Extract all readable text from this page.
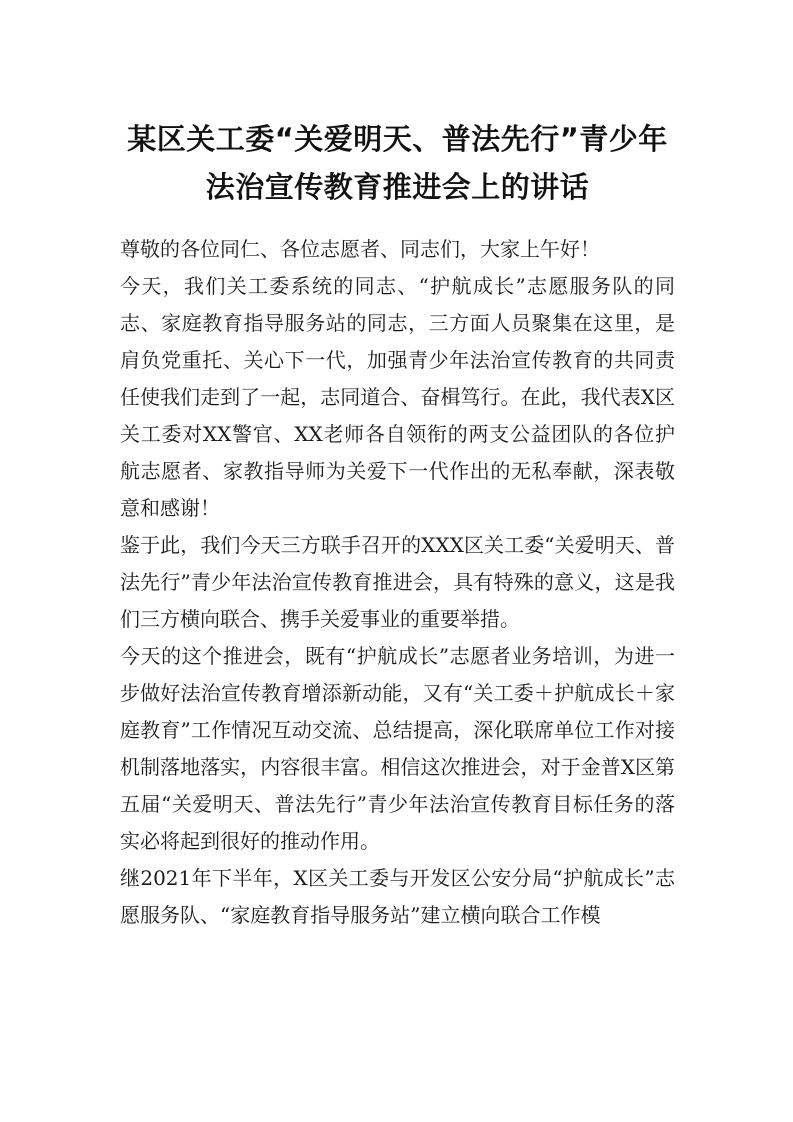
某区关工委“关爱明天、普法先行”青少年
法治宣传教育推进会上的讲话

尊敬的各位同仁、各位志愿者、同志们，大家上午好！

今天，我们关工委系统的同志、“护航成长”志愿服务队的同志、家庭教育指导服务站的同志，三方面人员聚集在这里，是肩负党重托、关心下一代，加强青少年法治宣传教育的共同责任使我们走到了一起，志同道合、奋楫笃行。在此，我代表X区关工委对XX警官、XX老师各自领衔的两支公益团队的各位护航志愿者、家教指导师为关爱下一代作出的无私奉献，深表敬意和感谢！

鉴于此，我们今天三方联手召开的XXX区关工委“关爱明天、普法先行”青少年法治宣传教育推进会，具有特殊的意义，这是我们三方横向联合、携手关爱事业的重要举措。

今天的这个推进会，既有“护航成长”志愿者业务培训，为进一步做好法治宣传教育增添新动能，又有“关工委＋护航成长＋家庭教育”工作情况互动交流、总结提高，深化联席单位工作对接机制落地落实，内容很丰富。相信这次推进会，对于金普X区第五届“关爱明天、普法先行”青少年法治宣传教育目标任务的落实必将起到很好的推动作用。

继2021年下半年，X区关工委与开发区公安分局“护航成长”志愿服务队、“家庭教育指导服务站”建立横向联合工作模
